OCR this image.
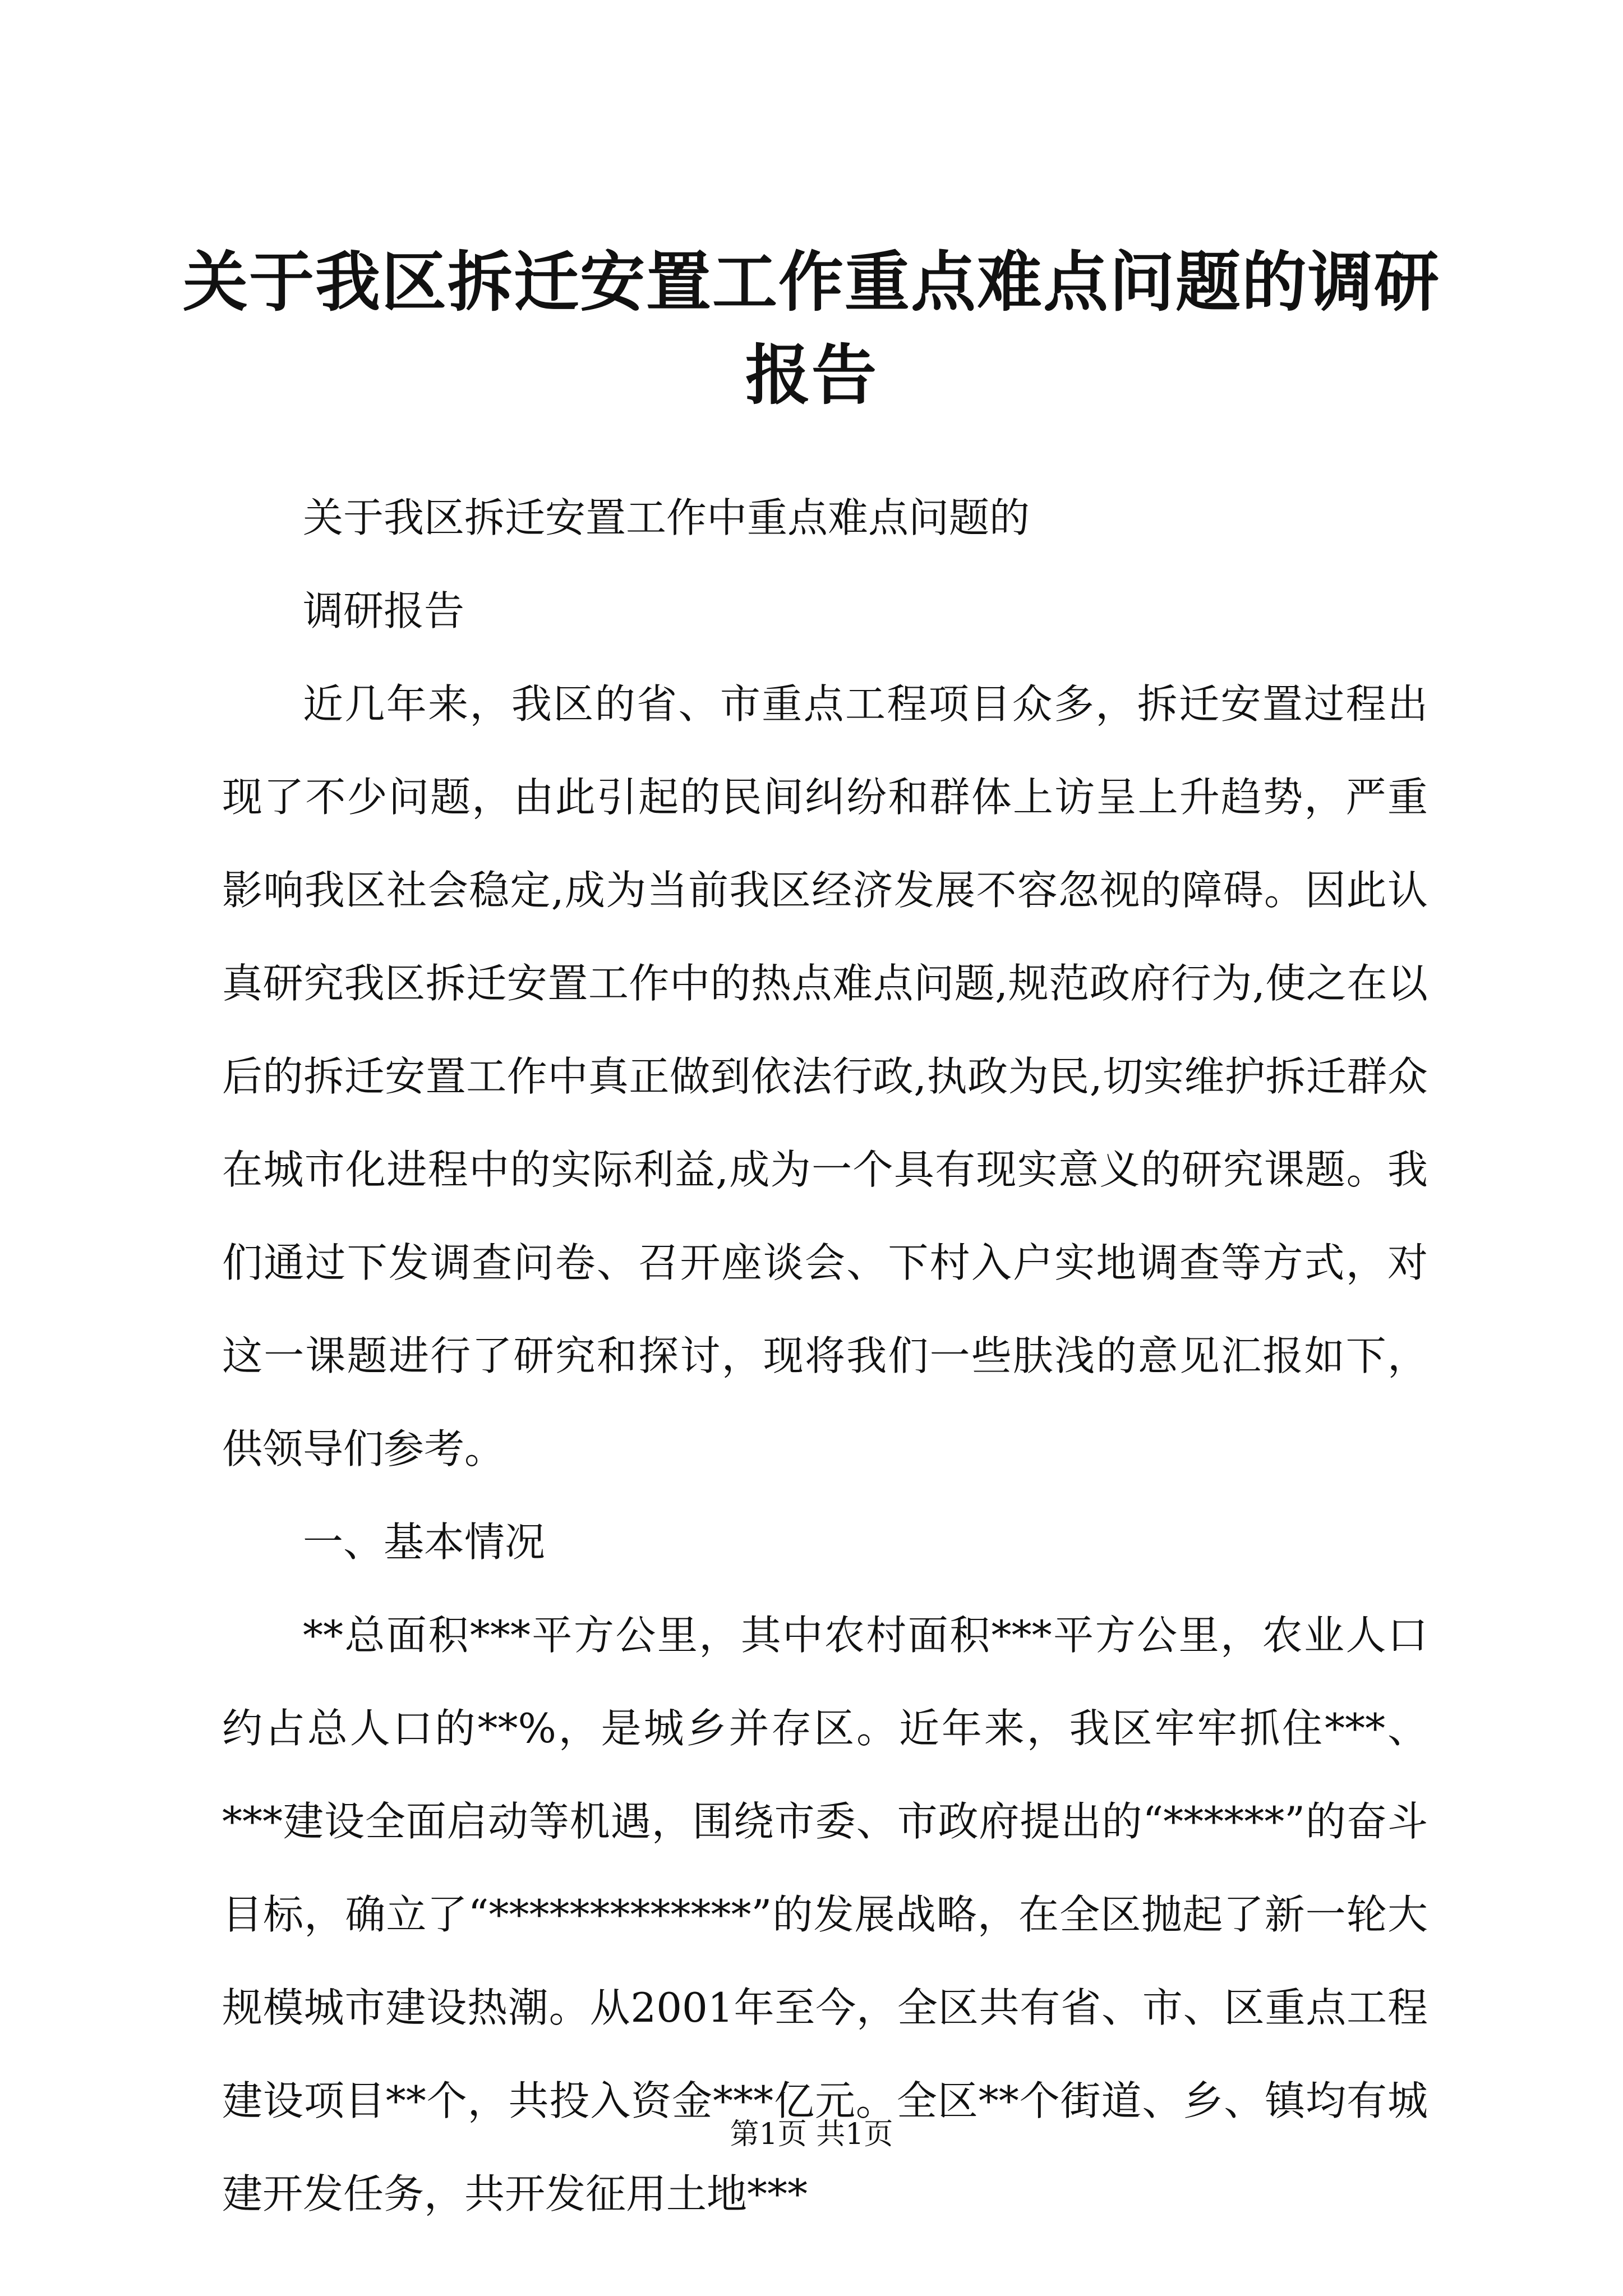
关于我区拆迁安置工作重点难点问题的调研报告

关于我区拆迁安置工作中重点难点问题的

调研报告

近几年来，我区的省、市重点工程项目众多，拆迁安置过程出现了不少问题，由此引起的民间纠纷和群体上访呈上升趋势，严重影响我区社会稳定,成为当前我区经济发展不容忽视的障碍。因此认真研究我区拆迁安置工作中的热点难点问题,规范政府行为,使之在以后的拆迁安置工作中真正做到依法行政,执政为民,切实维护拆迁群众在城市化进程中的实际利益,成为一个具有现实意义的研究课题。我们通过下发调查问卷、召开座谈会、下村入户实地调查等方式，对这一课题进行了研究和探讨，现将我们一些肤浅的意见汇报如下，供领导们参考。

一、基本情况

**总面积***平方公里，其中农村面积***平方公里，农业人口约占总人口的**%，是城乡并存区。近年来，我区牢牢抓住***、***建设全面启动等机遇，围绕市委、市政府提出的“******”的奋斗目标，确立了“*************”的发展战略，在全区抛起了新一轮大规模城市建设热潮。从2001年至今，全区共有省、市、区重点工程建设项目**个，共投入资金***亿元。全区**个街道、乡、镇均有城建开发任务，共开发征用土地***

第1页 共1页
